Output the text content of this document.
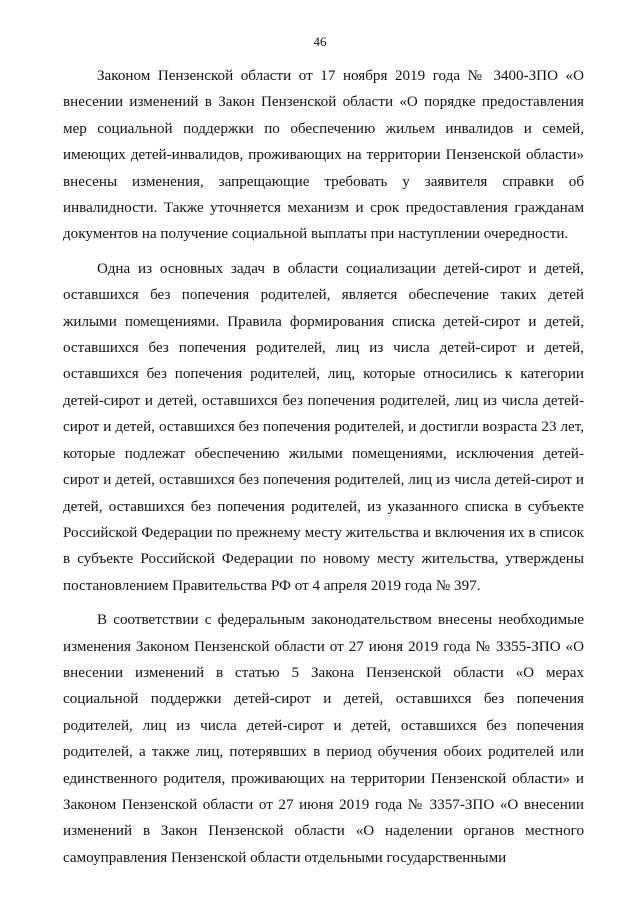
46

Законом Пензенской области от 17 ноября 2019 года № 3400-ЗПО «О внесении изменений в Закон Пензенской области «О порядке предоставления мер социальной поддержки по обеспечению жильем инвалидов и семей, имеющих детей-инвалидов, проживающих на территории Пензенской области» внесены изменения, запрещающие требовать у заявителя справки об инвалидности. Также уточняется механизм и срок предоставления гражданам документов на получение социальной выплаты при наступлении очередности.

Одна из основных задач в области социализации детей-сирот и детей, оставшихся без попечения родителей, является обеспечение таких детей жилыми помещениями. Правила формирования списка детей-сирот и детей, оставшихся без попечения родителей, лиц из числа детей-сирот и детей, оставшихся без попечения родителей, лиц, которые относились к категории детей-сирот и детей, оставшихся без попечения родителей, лиц из числа детей-сирот и детей, оставшихся без попечения родителей, и достигли возраста 23 лет, которые подлежат обеспечению жилыми помещениями, исключения детей-сирот и детей, оставшихся без попечения родителей, лиц из числа детей-сирот и детей, оставшихся без попечения родителей, из указанного списка в субъекте Российской Федерации по прежнему месту жительства и включения их в список в субъекте Российской Федерации по новому месту жительства, утверждены постановлением Правительства РФ от 4 апреля 2019 года № 397.

В соответствии с федеральным законодательством внесены необходимые изменения Законом Пензенской области от 27 июня 2019 года № 3355-ЗПО «О внесении изменений в статью 5 Закона Пензенской области «О мерах социальной поддержки детей-сирот и детей, оставшихся без попечения родителей, лиц из числа детей-сирот и детей, оставшихся без попечения родителей, а также лиц, потерявших в период обучения обоих родителей или единственного родителя, проживающих на территории Пензенской области» и Законом Пензенской области от 27 июня 2019 года № 3357-ЗПО «О внесении изменений в Закон Пензенской области «О наделении органов местного самоуправления Пензенской области отдельными государственными
